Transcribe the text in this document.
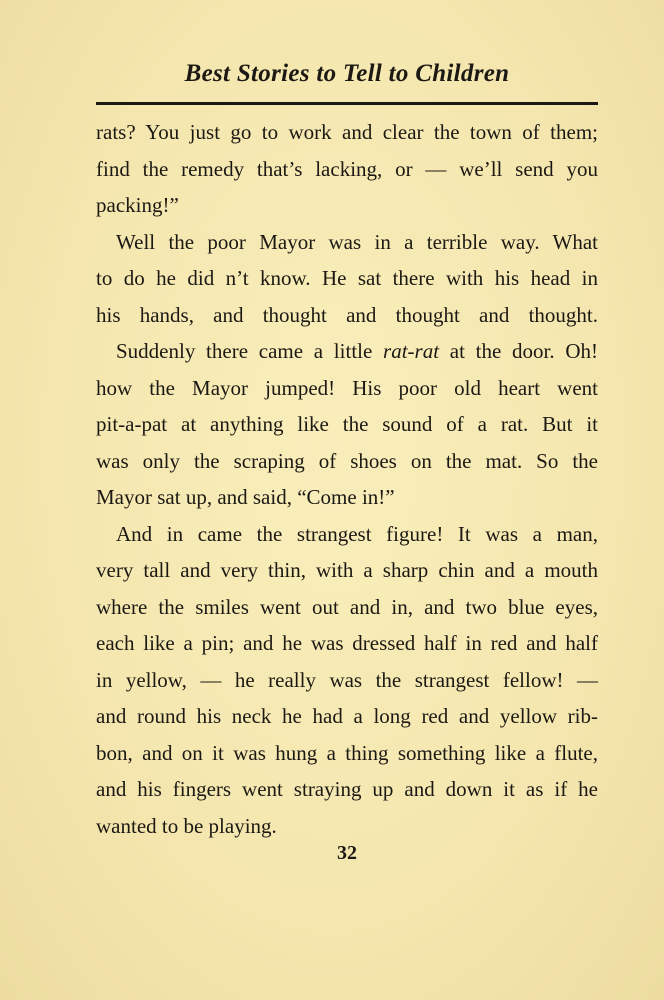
Best Stories to Tell to Children
rats? You just go to work and clear the town of them;
find the remedy that’s lacking, or — we’ll send you
packing!”
Well the poor Mayor was in a terrible way. What
to do he did n’t know. He sat there with his head in
his hands, and thought and thought and thought.
Suddenly there came a little rat-rat at the door. Oh!
how the Mayor jumped! His poor old heart went
pit-a-pat at anything like the sound of a rat. But it
was only the scraping of shoes on the mat. So the
Mayor sat up, and said, “Come in!”
And in came the strangest figure! It was a man,
very tall and very thin, with a sharp chin and a mouth
where the smiles went out and in, and two blue eyes,
each like a pin; and he was dressed half in red and half
in yellow, — he really was the strangest fellow! —
and round his neck he had a long red and yellow rib-
bon, and on it was hung a thing something like a flute,
and his fingers went straying up and down it as if he
wanted to be playing.
32
